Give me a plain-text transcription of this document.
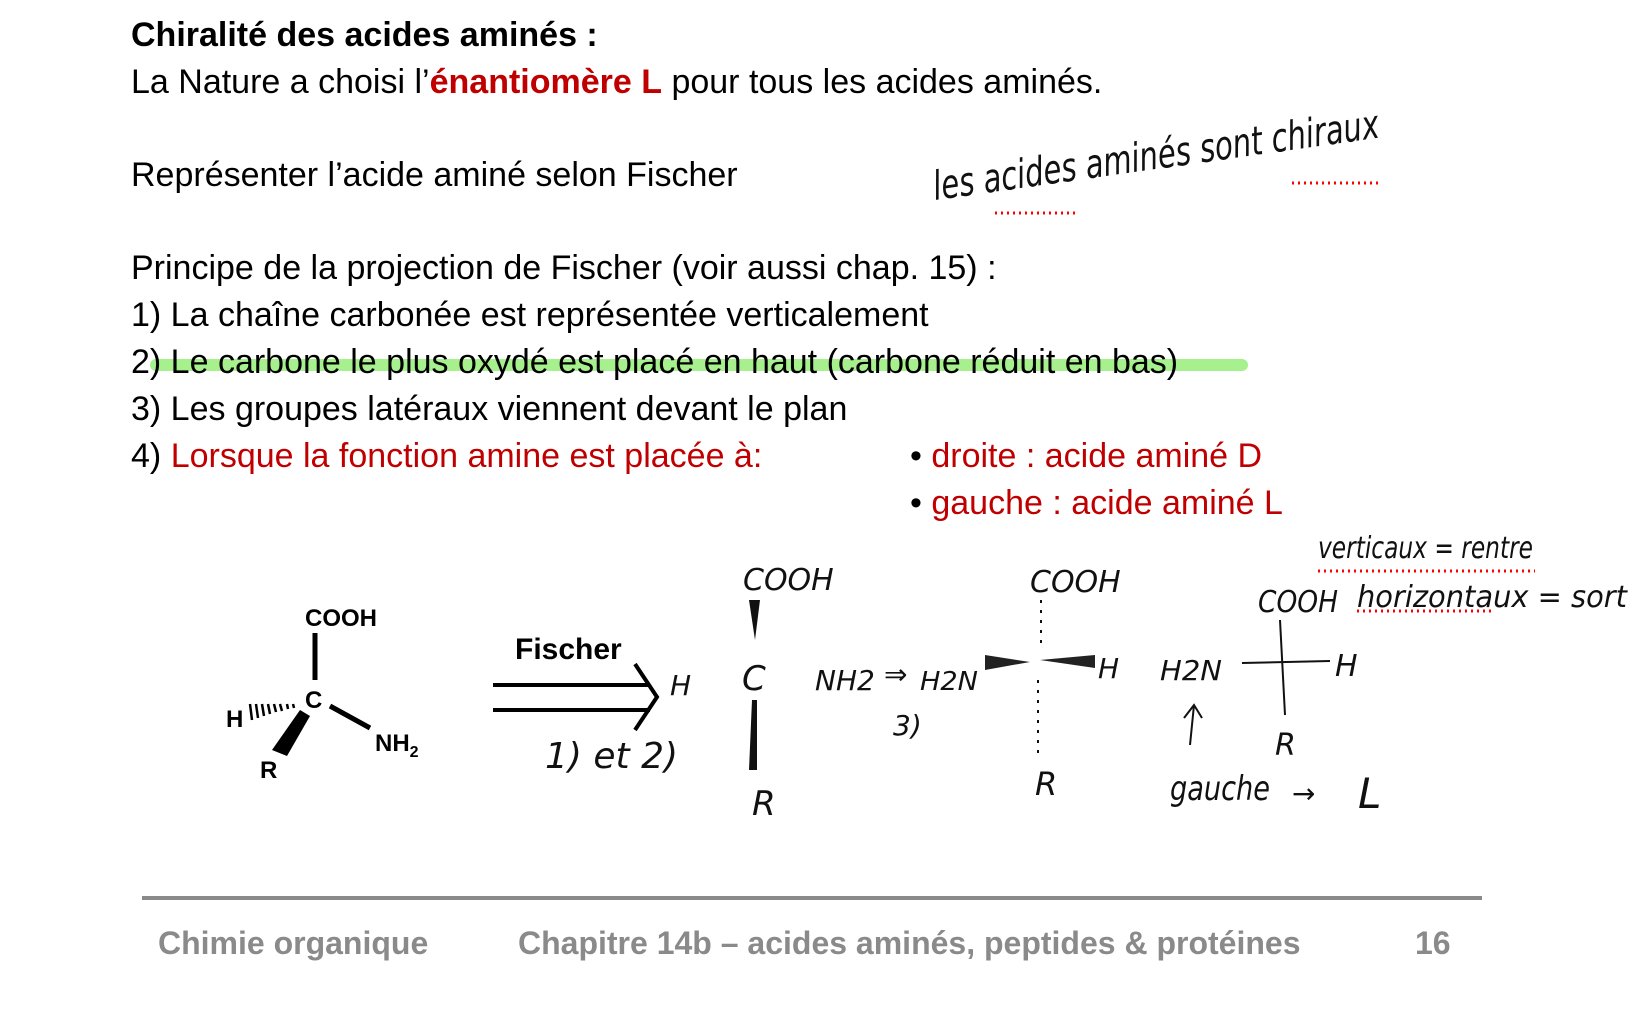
Chiralité des acides aminés :
La Nature a choisi l’énantiomère L pour tous les acides aminés.
Représenter l’acide aminé selon Fischer
Principe de la projection de Fischer (voir aussi chap. 15) :
1) La chaîne carbonée est représentée verticalement
2) Le carbone le plus oxydé est placé en haut (carbone réduit en bas)
3) Les groupes latéraux viennent devant le plan
4) Lorsque la fonction amine est placée à:	• droite : acide aminé D
• gauche : acide aminé L
COOH
C
H
$NH_2$
R
Fischer
les acides aminés sont chiraux
1) et 2)
COOH
H C NH2
R
3)
⇒ H2N	H
COOH
R
H2N	H
COOH
R
gauche → L
verticaux = rentre
horizontaux = sort
Chimie organique	Chapitre 14b – acides aminés, peptides & protéines	16
